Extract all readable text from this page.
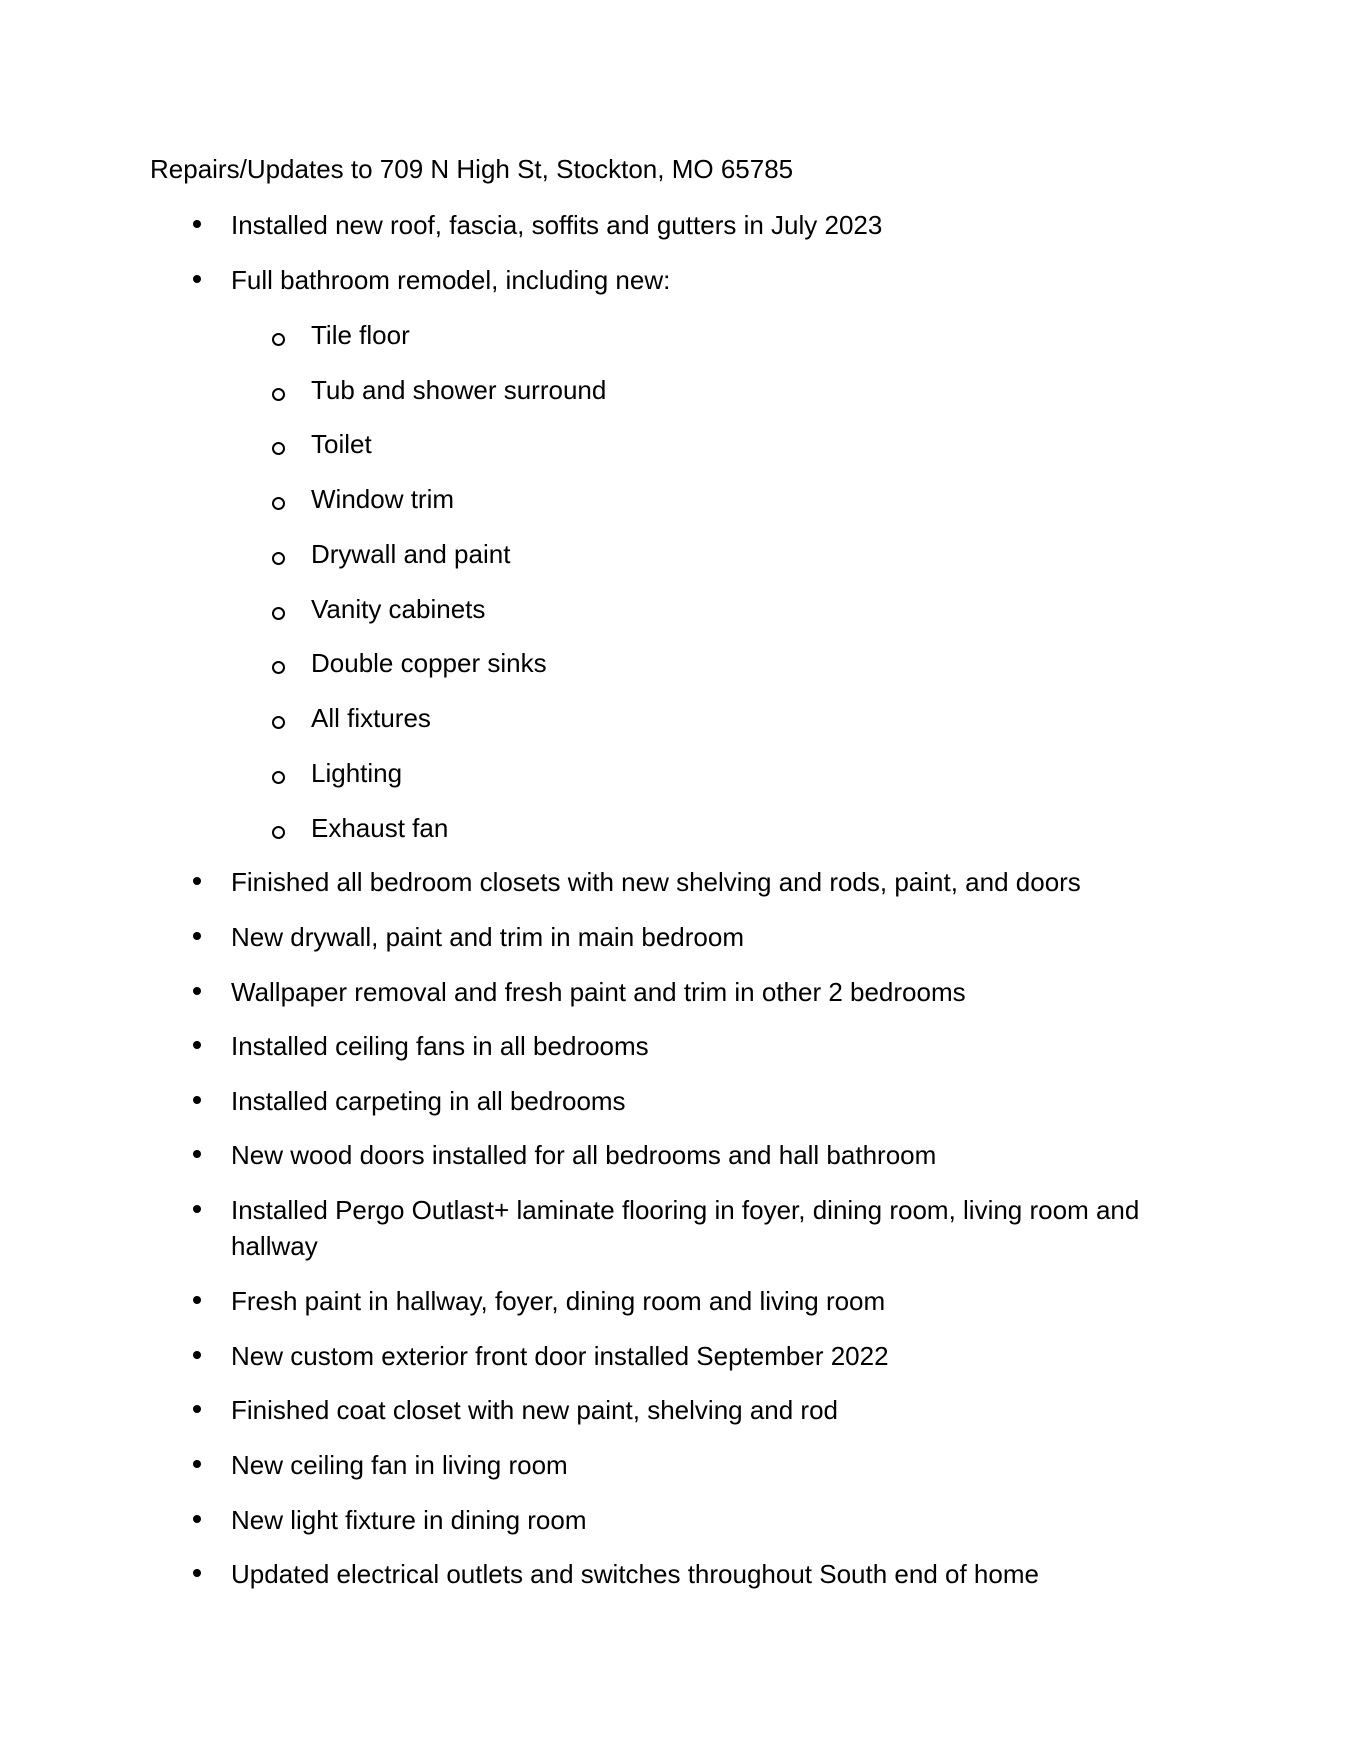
Repairs/Updates to 709 N High St, Stockton, MO 65785
Installed new roof, fascia, soffits and gutters in July 2023
Full bathroom remodel, including new:
Tile floor
Tub and shower surround
Toilet
Window trim
Drywall and paint
Vanity cabinets
Double copper sinks
All fixtures
Lighting
Exhaust fan
Finished all bedroom closets with new shelving and rods, paint, and doors
New drywall, paint and trim in main bedroom
Wallpaper removal and fresh paint and trim in other 2 bedrooms
Installed ceiling fans in all bedrooms
Installed carpeting in all bedrooms
New wood doors installed for all bedrooms and hall bathroom
Installed Pergo Outlast+ laminate flooring in foyer, dining room, living room and
hallway
Fresh paint in hallway, foyer, dining room and living room
New custom exterior front door installed September 2022
Finished coat closet with new paint, shelving and rod
New ceiling fan in living room
New light fixture in dining room
Updated electrical outlets and switches throughout South end of home
